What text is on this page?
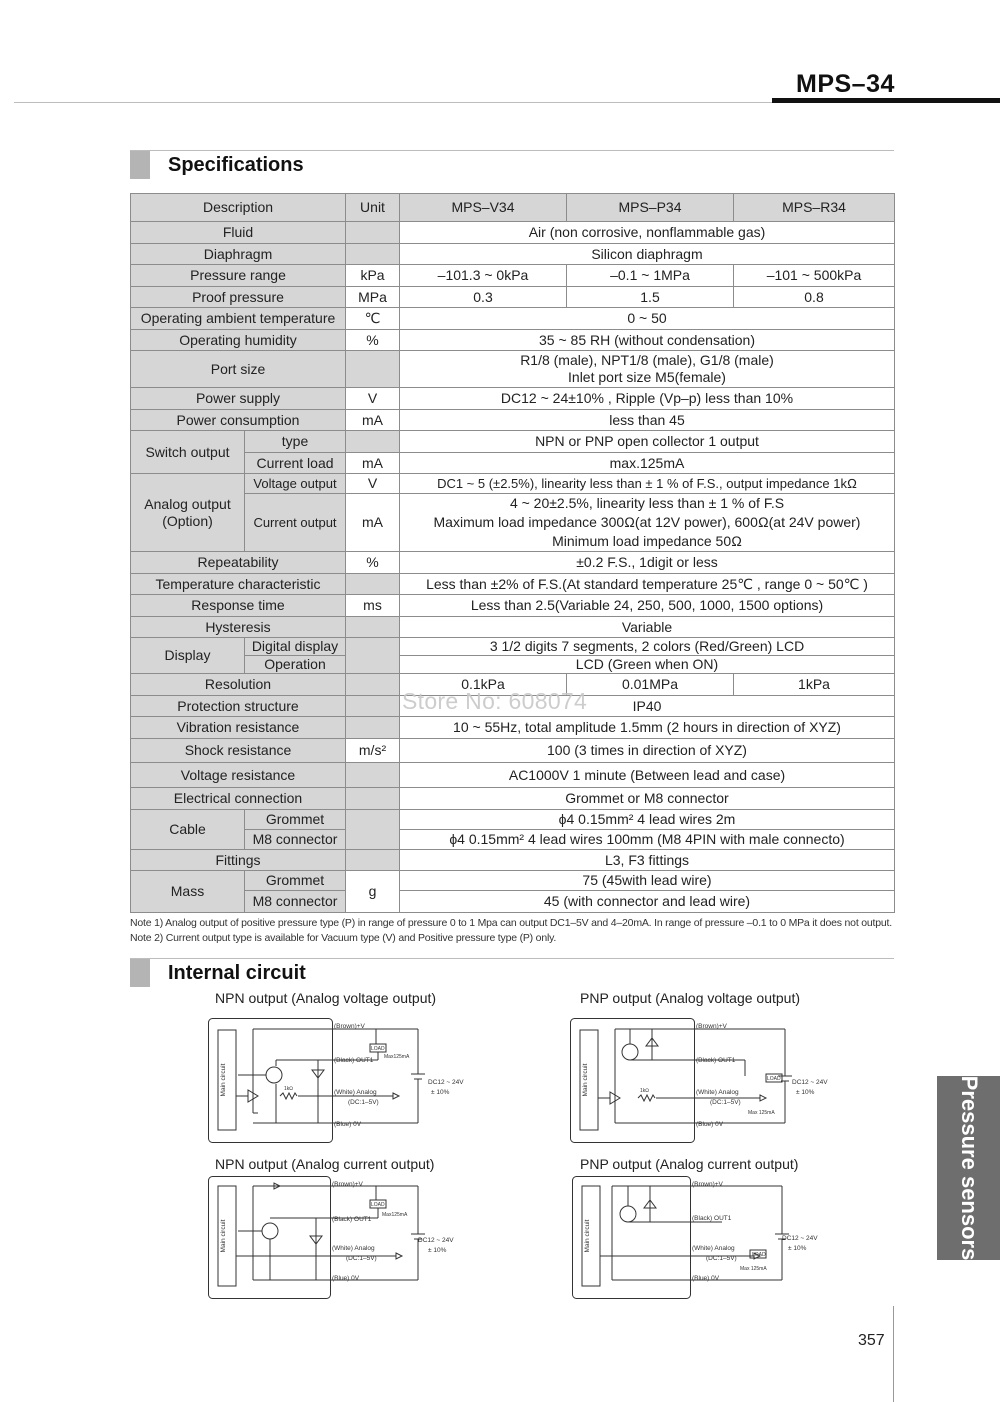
MPS–34
Specifications
Description		Unit	MPS–V34	MPS–P34	MPS–R34
Fluid			Air (non corrosive, nonflammable gas)		
Diaphragm			Silicon diaphragm		
Pressure range		kPa	–101.3 ~ 0kPa	–0.1 ~ 1MPa	–101 ~ 500kPa
Proof pressure		MPa	0.3	1.5	0.8
Operating ambient temperature		℃	0 ~ 50		
Operating humidity		%	35 ~ 85 RH (without condensation)		
Port size			R1/8 (male), NPT1/8 (male), G1/8 (male)
Inlet port size M5(female)		

Power supply		V	DC12 ~ 24±10% , Ripple (Vp–p) less than 10%		
Power consumption		mA	less than 45		
Switch output	type		NPN or PNP open collector 1 output		
	Current load	mA	max.125mA		

Analog output
(Option)	Voltage output	V	DC1 ~ 5 (±2.5%), linearity less than ± 1 % of F.S., output impedance 1kΩ		
	Current output	mA	4 ~ 20±2.5%, linearity less than ± 1 % of F.S
Maximum load impedance 300Ω(at 12V power), 600Ω(at 24V power)
Minimum load impedance 50Ω		

Repeatability		%	±0.2 F.S., 1digit or less		
Temperature characteristic			Less than ±2% of F.S.(At standard temperature 25℃ , range 0 ~ 50℃ )		
Response time		ms	Less than 2.5(Variable 24, 250, 500, 1000, 1500 options)		
Hysteresis			Variable		
Display	Digital display		3 1/2 digits 7 segments, 2 colors (Red/Green) LCD		
	Operation		LCD (Green when ON)		
Resolution			0.1kPa	0.01MPa	1kPa
Protection structure			IP40		
Vibration resistance			10 ~ 55Hz, total amplitude 1.5mm (2 hours in direction of XYZ)		
Shock resistance		m/s²	100 (3 times in direction of XYZ)		
Voltage resistance			AC1000V 1 minute (Between lead and case)		
Electrical connection			Grommet or M8 connector		
Cable	Grommet		ϕ4 0.15mm² 4 lead wires 2m		
	M8 connector		ϕ4 0.15mm² 4 lead wires 100mm (M8 4PIN with male connecto)		
Fittings			L3, F3 fittings		
Mass	Grommet	g	75 (45with lead wire)		
	M8 connector		45 (with connector and lead wire)		
Note 1) Analog output of positive pressure type (P) in range of pressure 0 to 1 Mpa can output DC1–5V and 4–20mA. In range of pressure –0.1 to 0 MPa it does not output.
Note 2) Current output type is available for Vacuum type (V) and Positive pressure type (P) only.
Store No: 608074
Internal circuit
NPN output (Analog voltage output)	PNP output (Analog voltage output)
NPN output (Analog current output)	PNP output (Analog current output)
Main circuit
(Brown)+V
(Black) OUT1
(White) Analog
(DC:1–5V)
(Blue) 0V
DC12 ~ 24V
± 10%
LOAD
Max125mA
1kΩ	Main circuit
(Brown)+V
(Black) OUT1
(White) Analog
(DC:1–5V)
(Blue) 0V
DC12 ~ 24V
± 10%
LOAD
Max 125mA
1kΩ
Main circuit
(Brown)+V
(Black) OUT1
(White) Analog
(DC:1–5V)
(Blue) 0V
DC12 ~ 24V
± 10%
LOAD
Max125mA
Main circuit
(Brown)+V
(Black) OUT1
(White) Analog
(DC:1–5V)
(Blue) 0V
DC12 ~ 24V
± 10%
LOAD
Max 125mA
Pressure sensors
357
